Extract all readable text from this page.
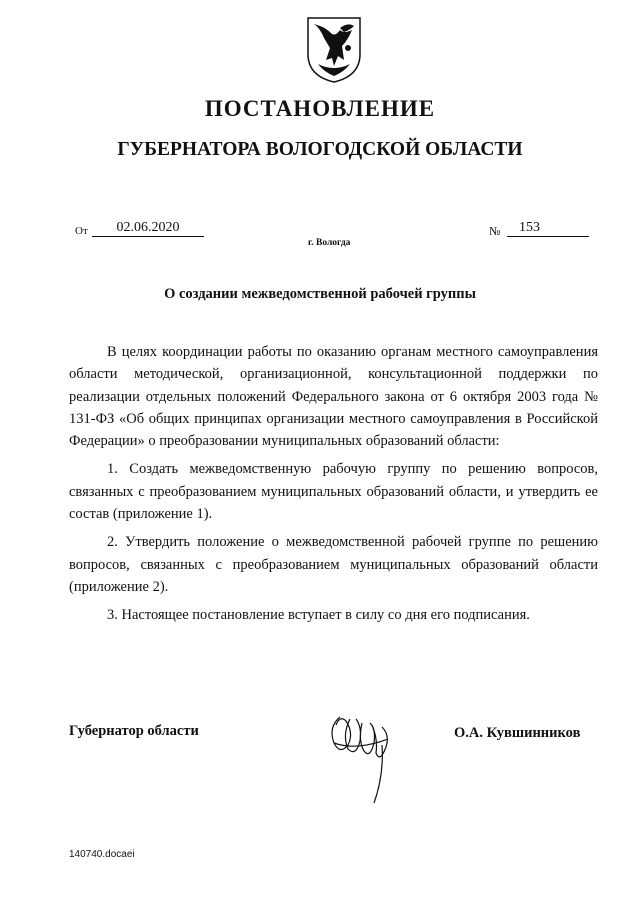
ПОСТАНОВЛЕНИЕ
ГУБЕРНАТОРА ВОЛОГОДСКОЙ ОБЛАСТИ
От	02.06.2020	№	153
г. Вологда
О создании межведомственной рабочей группы

В целях координации работы по оказанию органам местного самоуправления области методической, организационной, консультационной поддержки по реализации отдельных положений Федерального закона от 6 октября 2003 года № 131-ФЗ «Об общих принципах организации местного самоуправления в Российской Федерации» о преобразовании муниципальных образований области:

1. Создать межведомственную рабочую группу по решению вопросов, связанных с преобразованием муниципальных образований области, и утвердить ее состав (приложение 1).

2. Утвердить положение о межведомственной рабочей группе по решению вопросов, связанных с преобразованием муниципальных образований области (приложение 2).

3. Настоящее постановление вступает в силу со дня его подписания.

Губернатор области	О.А. Кувшинников
140740.docaei
